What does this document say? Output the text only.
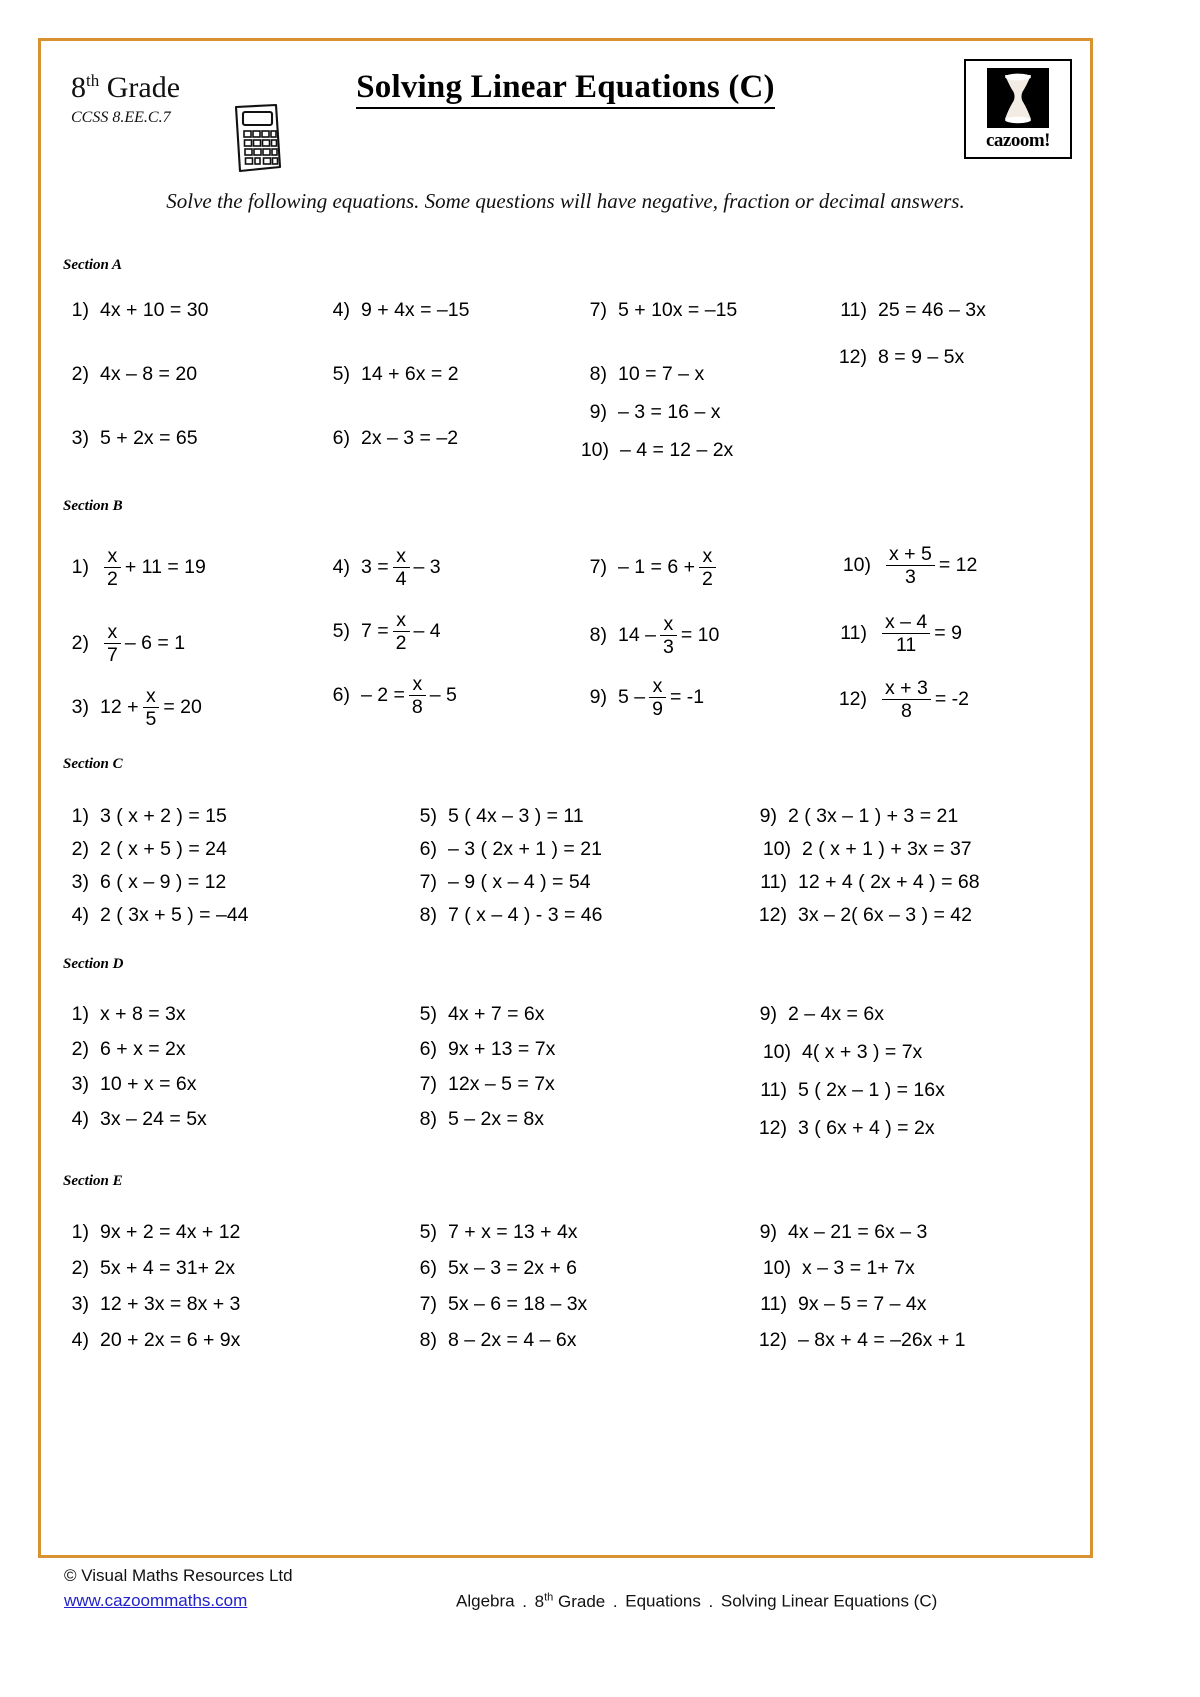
8th Grade
CCSS 8.EE.C.7
Solving Linear Equations (C)
cazoom!
Solve the following equations. Some questions will have negative, fraction or decimal answers.
Section A
1) 4x + 10 = 30
2) 4x – 8 = 20
3) 5 + 2x = 65
4) 9 + 4x = –15
5) 14 + 6x = 2
6) 2x – 3 = –2
7) 5 + 10x = –15
8) 10 = 7 – x
9) – 3 = 16 – x
10) – 4 = 12 – 2x
11) 25 = 46 – 3x
12) 8 = 9 – 5x
Section B
$1) \frac{x}{2} + 11 = 19$
$2) \frac{x}{7} - 6 = 1$
3) $12 + \frac{x}{5} = 20$
4) $3 = \frac{x}{4} - 3$
5) $7 = \frac{x}{2} - 4$
$6) - 2 = \frac{x}{8} - 5$
$7) - 1 = 6 + \frac{x}{2}$
8) $14 - \frac{x}{3} = 10$
9) $5 - \frac{x}{9} = -1$
$10) \frac{x + 5}{3} = 12$
$11) \frac{x - 4}{11} = 9$
$12) \frac{x + 3}{8} = -2$
Section C
1) 3 ( x + 2 ) = 15
2) 2 ( x + 5 ) = 24
3) 6 ( x – 9 ) = 12
4) 2 ( 3x + 5 ) = –44
5) 5 ( 4x – 3 ) = 11
6) – 3 ( 2x + 1 ) = 21
7) – 9 ( x – 4 ) = 54
8) 7 ( x – 4 ) - 3 = 46
9) 2 ( 3x – 1 ) + 3 = 21
10) 2 ( x + 1 ) + 3x = 37
11) 12 + 4 ( 2x + 4 ) = 68
12) 3x – 2( 6x – 3 ) = 42
Section D
1) x + 8 = 3x
2) 6 + x = 2x
3) 10 + x = 6x
4) 3x – 24 = 5x
5) 4x + 7 = 6x
6) 9x + 13 = 7x
7) 12x – 5 = 7x
8) 5 – 2x = 8x
9) 2 – 4x = 6x
10) 4( x + 3 ) = 7x
11) 5 ( 2x – 1 ) = 16x
12) 3 ( 6x + 4 ) = 2x
Section E
1) 9x + 2 = 4x + 12
2) 5x + 4 = 31+ 2x
3) 12 + 3x = 8x + 3
4) 20 + 2x = 6 + 9x
5) 7 + x = 13 + 4x
6) 5x – 3 = 2x + 6
7) 5x – 6 = 18 – 3x
8) 8 – 2x = 4 – 6x
9) 4x – 21 = 6x – 3
10) x – 3 = 1+ 7x
11) 9x – 5 = 7 – 4x
12) – 8x + 4 = –26x + 1
© Visual Maths Resources Ltd
www.cazoommaths.com	Algebra . 8th Grade . Equations . Solving Linear Equations (C)
